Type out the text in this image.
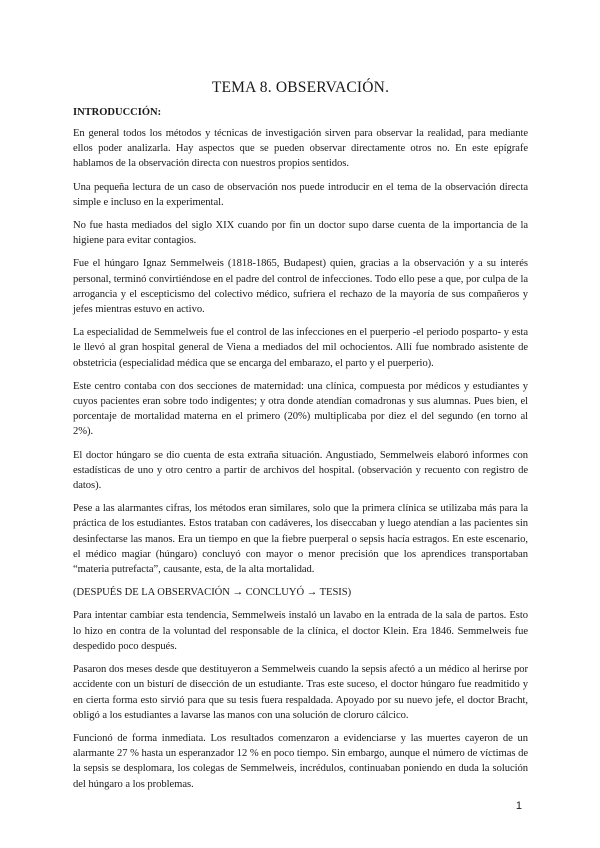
TEMA 8. OBSERVACIÓN.
INTRODUCCIÓN:

En general todos los métodos y técnicas de investigación sirven para observar la realidad, para mediante ellos poder analizarla. Hay aspectos que se pueden observar directamente otros no. En este epígrafe hablamos de la observación directa con nuestros propios sentidos.

Una pequeña lectura de un caso de observación nos puede introducir en el tema de la observación directa simple e incluso en la experimental.

No fue hasta mediados del siglo XIX cuando por fin un doctor supo darse cuenta de la importancia de la higiene para evitar contagios.

Fue el húngaro Ignaz Semmelweis (1818-1865, Budapest) quien, gracias a la observación y a su interés personal, terminó convirtiéndose en el padre del control de infecciones. Todo ello pese a que, por culpa de la arrogancia y el escepticismo del colectivo médico, sufriera el rechazo de la mayoría de sus compañeros y jefes mientras estuvo en activo.

La especialidad de Semmelweis fue el control de las infecciones en el puerperio -el periodo posparto- y esta le llevó al gran hospital general de Viena a mediados del mil ochocientos. Allí fue nombrado asistente de obstetricia (especialidad médica que se encarga del embarazo, el parto y el puerperio).

Este centro contaba con dos secciones de maternidad: una clínica, compuesta por médicos y estudiantes y cuyos pacientes eran sobre todo indigentes; y otra donde atendían comadronas y sus alumnas. Pues bien, el porcentaje de mortalidad materna en el primero (20%) multiplicaba por diez el del segundo (en torno al 2%).

El doctor húngaro se dio cuenta de esta extraña situación. Angustiado, Semmelweis elaboró informes con estadísticas de uno y otro centro a partir de archivos del hospital. (observación y recuento con registro de datos).

Pese a las alarmantes cifras, los métodos eran similares, solo que la primera clínica se utilizaba más para la práctica de los estudiantes. Estos trataban con cadáveres, los diseccaban y luego atendían a las pacientes sin desinfectarse las manos. Era un tiempo en que la fiebre puerperal o sepsis hacía estragos. En este escenario, el médico magiar (húngaro) concluyó con mayor o menor precisión que los aprendices transportaban “materia putrefacta”, causante, esta, de la alta mortalidad.

(DESPUÉS DE LA OBSERVACIÓN → CONCLUYÓ → TESIS)

Para intentar cambiar esta tendencia, Semmelweis instaló un lavabo en la entrada de la sala de partos. Esto lo hizo en contra de la voluntad del responsable de la clínica, el doctor Klein. Era 1846. Semmelweis fue despedido poco después.

Pasaron dos meses desde que destituyeron a Semmelweis cuando la sepsis afectó a un médico al herirse por accidente con un bisturí de disección de un estudiante. Tras este suceso, el doctor húngaro fue readmitido y en cierta forma esto sirvió para que su tesis fuera respaldada. Apoyado por su nuevo jefe, el doctor Bracht, obligó a los estudiantes a lavarse las manos con una solución de cloruro cálcico.

Funcionó de forma inmediata. Los resultados comenzaron a evidenciarse y las muertes cayeron de un alarmante 27 % hasta un esperanzador 12 % en poco tiempo. Sin embargo, aunque el número de víctimas de la sepsis se desplomara, los colegas de Semmelweis, incrédulos, continuaban poniendo en duda la solución del húngaro a los problemas.

1
